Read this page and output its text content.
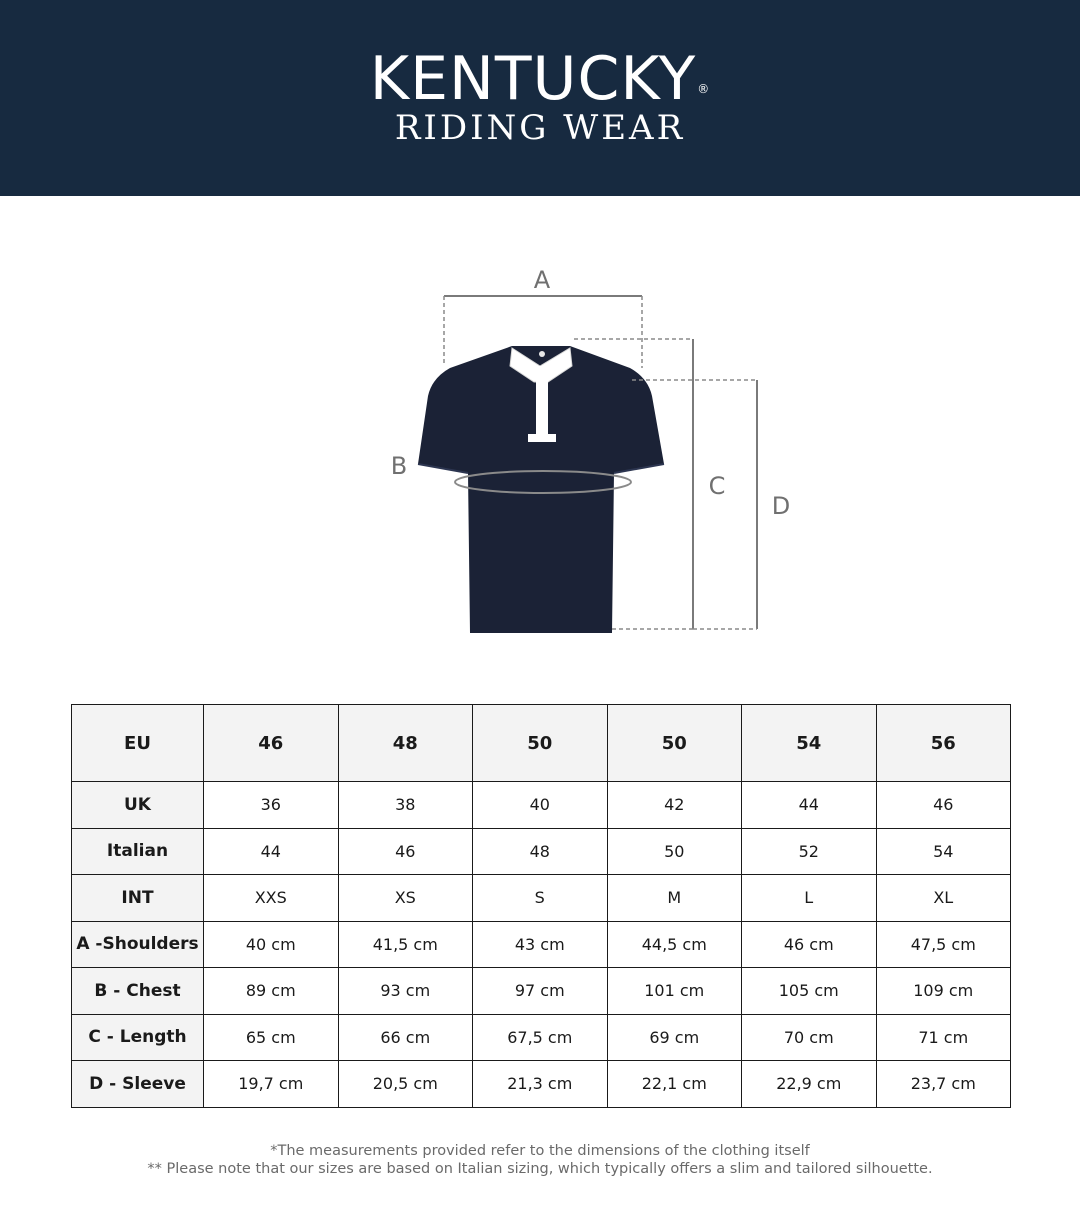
KENTUCKY®
RIDING WEAR
A
B
C
D
EU	46	48	50	50	54	56
UK	36	38	40	42	44	46
Italian	44	46	48	50	52	54
INT	XXS	XS	S	M	L	XL
A -Shoulders	40 cm	41,5 cm	43 cm	44,5 cm	46 cm	47,5 cm
B - Chest	89 cm	93 cm	97 cm	101 cm	105 cm	109 cm
C - Length	65 cm	66 cm	67,5 cm	69 cm	70 cm	71 cm
D - Sleeve	19,7 cm	20,5 cm	21,3 cm	22,1 cm	22,9 cm	23,7 cm
*The measurements provided refer to the dimensions of the clothing itself
** Please note that our sizes are based on Italian sizing, which typically offers a slim and tailored silhouette.
